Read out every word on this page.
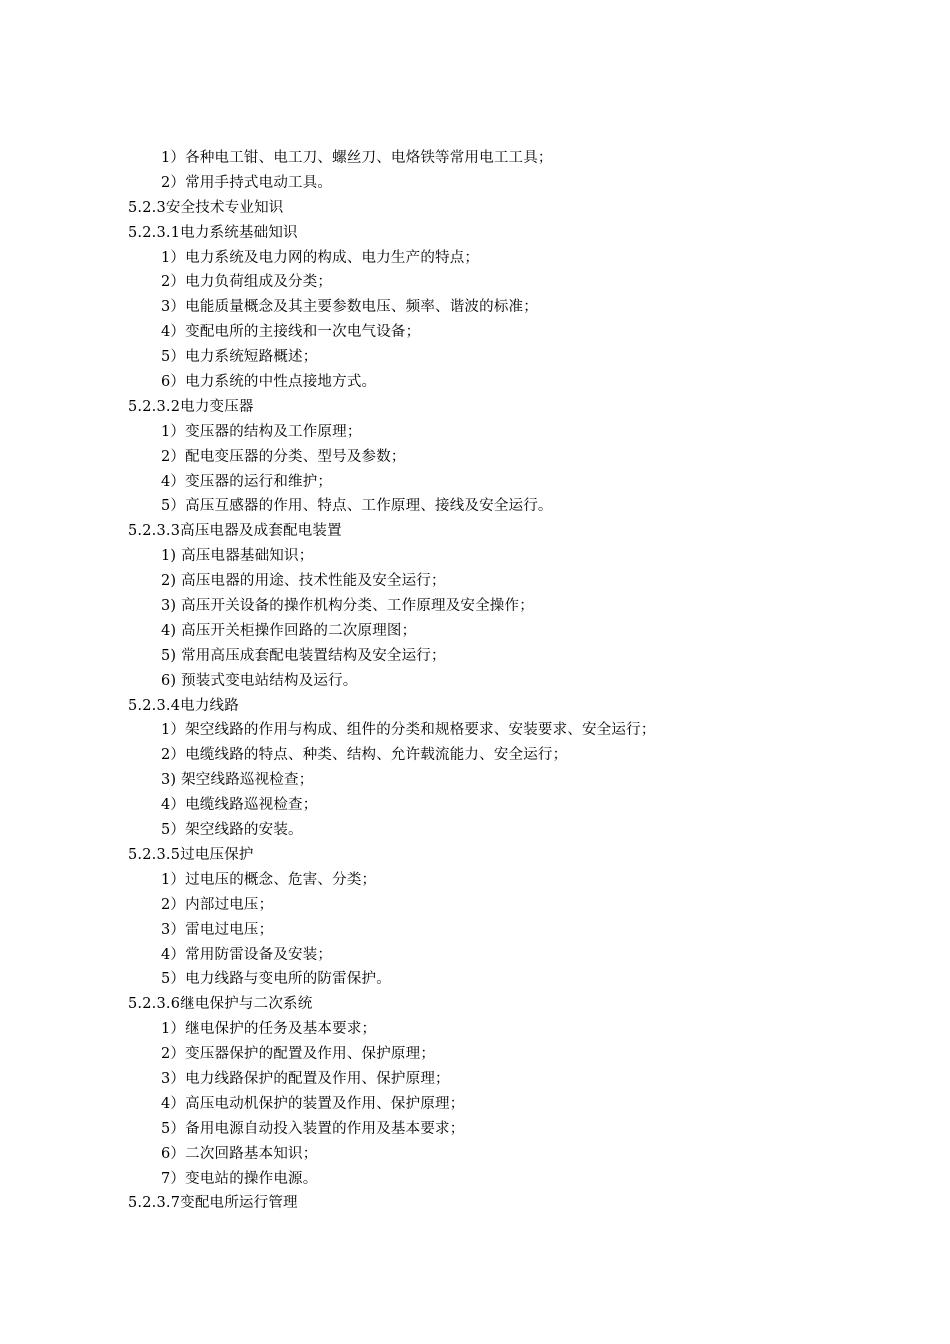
1）各种电工钳、电工刀、螺丝刀、电烙铁等常用电工工具；
2）常用手持式电动工具。
5.2.3安全技术专业知识
5.2.3.1电力系统基础知识
1）电力系统及电力网的构成、电力生产的特点；
2）电力负荷组成及分类；
3）电能质量概念及其主要参数电压、频率、谐波的标准；
4）变配电所的主接线和一次电气设备；
5）电力系统短路概述；
6）电力系统的中性点接地方式。
5.2.3.2电力变压器
1）变压器的结构及工作原理；
2）配电变压器的分类、型号及参数；
4）变压器的运行和维护；
5）高压互感器的作用、特点、工作原理、接线及安全运行。
5.2.3.3高压电器及成套配电装置
1) 高压电器基础知识；
2) 高压电器的用途、技术性能及安全运行；
3) 高压开关设备的操作机构分类、工作原理及安全操作；
4) 高压开关柜操作回路的二次原理图；
5) 常用高压成套配电装置结构及安全运行；
6) 预装式变电站结构及运行。
5.2.3.4电力线路
1）架空线路的作用与构成、组件的分类和规格要求、安装要求、安全运行；
2）电缆线路的特点、种类、结构、允许载流能力、安全运行；
3) 架空线路巡视检查；
4）电缆线路巡视检查；
5）架空线路的安装。
5.2.3.5过电压保护
1）过电压的概念、危害、分类；
2）内部过电压；
3）雷电过电压；
4）常用防雷设备及安装；
5）电力线路与变电所的防雷保护。
5.2.3.6继电保护与二次系统
1）继电保护的任务及基本要求；
2）变压器保护的配置及作用、保护原理；
3）电力线路保护的配置及作用、保护原理；
4）高压电动机保护的装置及作用、保护原理；
5）备用电源自动投入装置的作用及基本要求；
6）二次回路基本知识；
7）变电站的操作电源。
5.2.3.7变配电所运行管理
